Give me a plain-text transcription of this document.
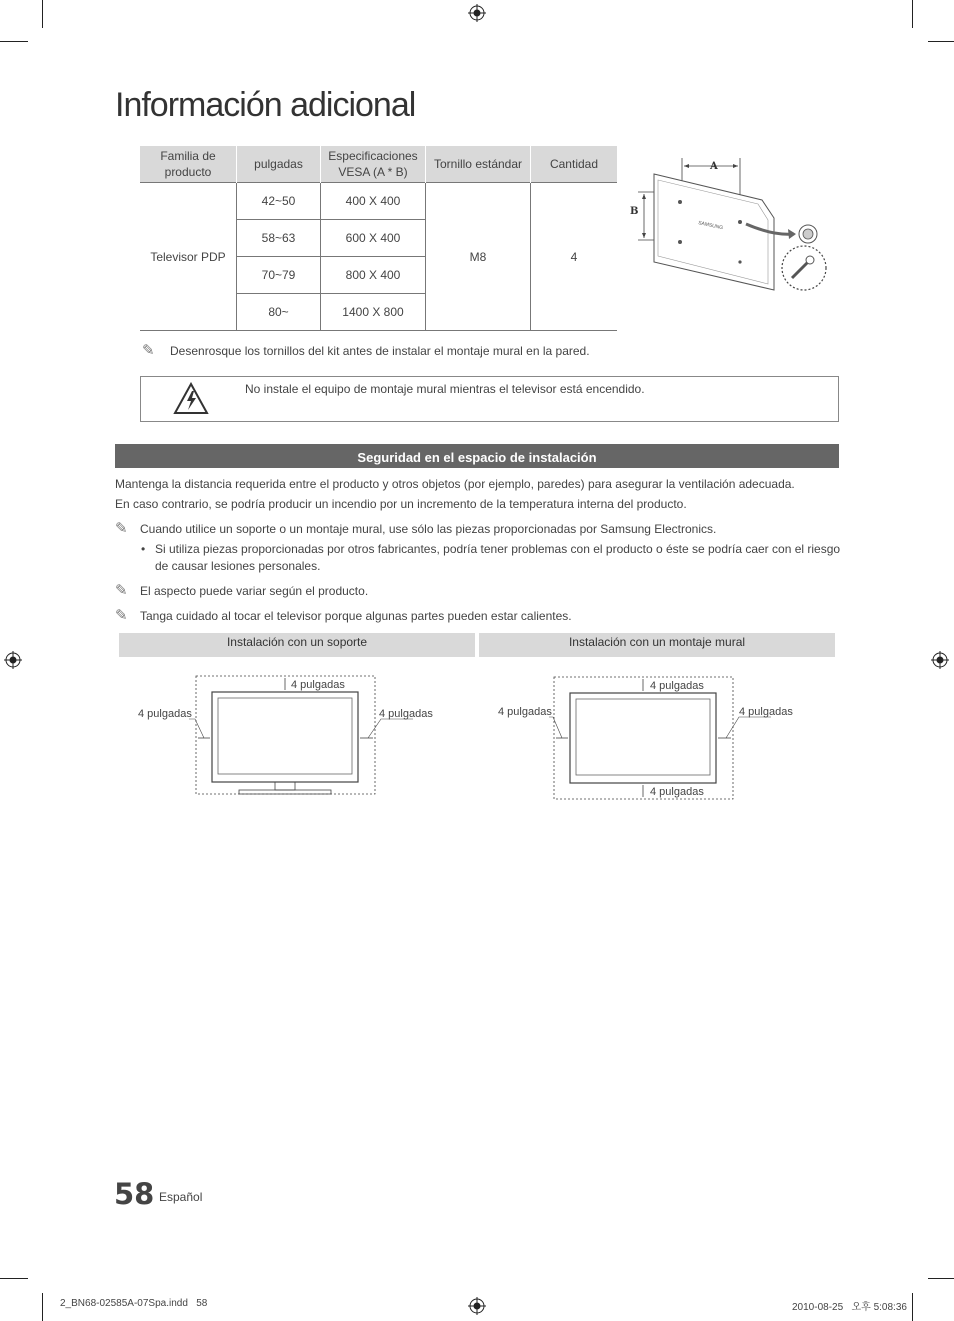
Información adicional
Familia de producto	pulgadas	Especificaciones VESA (A * B)	Tornillo estándar	Cantidad
Televisor PDP	42~50	400 X 400	M8	4
	58~63	600 X 400		
	70~79	800 X 400		
	80~	1400 X 800		
A
B
SAMSUNG
✎ Desenrosque los tornillos del kit antes de instalar el montaje mural en la pared.
No instale el equipo de montaje mural mientras el televisor está encendido.
Seguridad en el espacio de instalación
Mantenga la distancia requerida entre el producto y otros objetos (por ejemplo, paredes) para asegurar la ventilación adecuada.
En caso contrario, se podría producir un incendio por un incremento de la temperatura interna del producto.
✎ Cuando utilice un soporte o un montaje mural, use sólo las piezas proporcionadas por Samsung Electronics.
• Si utiliza piezas proporcionadas por otros fabricantes, podría tener problemas con el producto o éste se podría caer con el riesgo
de causar lesiones personales.
✎ El aspecto puede variar según el producto.
✎ Tanga cuidado al tocar el televisor porque algunas partes pueden estar calientes.
Instalación con un soporte	Instalación con un montaje mural
4 pulgadas
4 pulgadas	4 pulgadas
4 pulgadas
4 pulgadas	4 pulgadas
4 pulgadas
58 Español
2_BN68-02585A-07Spa.indd   58	2010-08-25   오후 5:08:36
